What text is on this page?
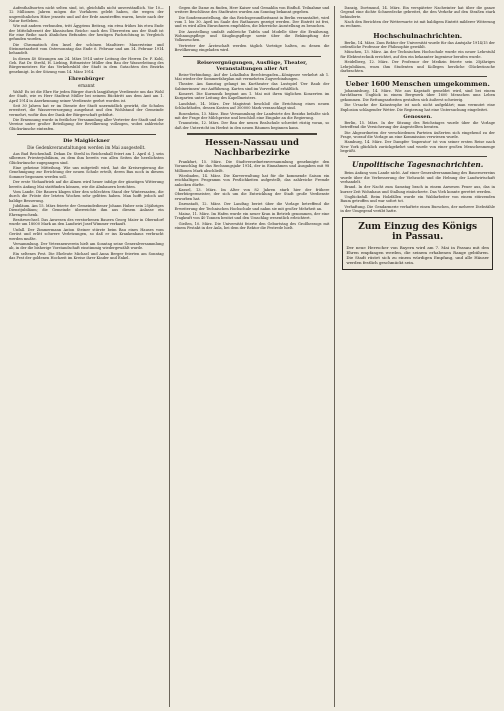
Aufenthaltsorten nicht selten sind, ist, gleichfalls nicht unverständlich. Vor 10—12 Millionen Jahren mögen die Vorfahren gelebt haben, die wegen der ungewöhnlichen Hitze jenseits und auf der Erde anzutreffen waren, heute nach der Natur fortleben.

Wie mit andern verbunden, tritt Ägyptens Beitrag, ein etwa frühes bis etwa Ende der Mittelalterzeit der klassischen Reiche: nach den Überresten aus der Stadt ist für eine Reihe nach ähnlichen Befunden der heutigen Fachrichtung in Vergleich gefunden worden.

Die Chromatisch den Insel der schönen Maultiere: Mauersteine und Steinmetzarbeit vom Ostersonntag das Ende 6. Februar und am 14. Februar 1914 behandelt.

In diesen 40 Sitzungen am 24. März 1914 unter Leitung der Herren Dr. F. Kohl, Geh. Rat Dr. Strehl, H. Liebing, Rittmeister Müller den Bau der Wasserleitung des Bürgermeisters für das Verkehrsbild der Stadt in dem Gutachten des Bezirks genehmigt. In der Sitzung vom 14. März 1914.

Ehrenbürger
ernannt

Wahl! Es ist die Ehre für jeden Bürger durch langjährige Verdienste um das Wohl der Stadt, wie es Herr Stadtrat Müller bei seinem Rücktritt aus dem Amt am 1. April 1914 in Anerkennung seiner Verdienste geehrt worden ist.

Seit 30 Jahren hat er im Dienste der Stadt unermüdlich gewirkt, die Schulen erweitert, die Wasserversorgung ausgebaut und den Wohlstand der Gemeinde vermehrt, wofür ihm der Dank der Bürgerschaft gebührt.

Die Ernennung wurde in festlicher Versammlung aller Vertreter der Stadt und der Vereine unter großer Beteiligung der Bevölkerung vollzogen, wobei zahlreiche Glückwünsche eintrafen.

Die Maiglöckner
Die Gedenkveranstaltungen werden im Mai ausgestellt.

Aus Bad Reichenhall. Dekan Dr. Strehl in Reichenhall feiert am 1. April d. J. sein silbernes Priesterjubiläum, zu dem ihm bereits von allen Seiten die herzlichsten Glückwünsche zugegangen sind.

Eine geheime Mitteilung. Wie uns mitgeteilt wird, hat die Kreisregierung die Genehmigung zur Errichtung der neuen Schule erteilt, deren Bau noch in diesem Sommer begonnen werden soll.

Der erste Viehauftrieb auf die Almen wird heuer infolge der günstigen Witterung bereits Anfang Mai stattfinden können, wie die Almbauern berichten.

Vom Lande. Die Bauern klagen über den schlechten Stand der Wintersaaten, die durch die Fröste der letzten Wochen sehr gelitten haben. Man hofft jedoch auf baldige Besserung.

Jubiläum. Am 15. März feierte der Gemeindediener Johann Huber sein 25jähriges Dienstjubiläum; die Gemeinde überreichte ihm aus diesem Anlasse ein Ehrengeschenk.

Besitzwechsel. Das Anwesen des verstorbenen Bauern Georg Maier in Oberndorf wurde um 18000 Mark an den Landwirt Josef Wimmer verkauft.

Unfall. Der Zimmermann Anton Steiner stürzte beim Bau eines Hauses vom Gerüst und erlitt schwere Verletzungen, so daß er ins Krankenhaus verbracht werden mußte.

Versammlung. Der Veteranenverein hielt am Sonntag seine Generalversammlung ab, in der die bisherige Vorstandschaft einstimmig wiedergewählt wurde.

Ein seltenes Fest. Die Eheleute Michael und Anna Berger feierten am Sonntag das Fest der goldenen Hochzeit im Kreise ihrer Kinder und Enkel.

Gegen die Dame zu finden, Herr Kaiser und Gemahlin von Einfluß. Teilnahme und weitere Beschlüsse des Stadtrates wurden am Sonntag bekannt gegeben.

Die Sonderausstellung, die das Reichsgesundheitsamt in Berlin veranstaltet, wird vom 1. bis 30. April im Saale des Rathauses gezeigt werden. Der Eintritt ist frei, und es wird allen Einwohnern empfohlen, die lehrreiche Ausstellung zu besuchen.

Die Ausstellung umfaßt zahlreiche Tafeln und Modelle über die Ernährung, Wohnungspflege und Säuglingspflege sowie über die Bekämpfung der Volksseuchen.

Vertreter der Ärzteschaft werden täglich Vorträge halten, zu denen die Bevölkerung eingeladen wird.

Reisevergnügungen, Ausflüge, Theater, Veranstaltungen aller Art

Reise-Verbindung. Auf der Lokalbahn Berchtesgaden—Königssee verkehrt ab 1. Mai wieder der Sommerfahrplan mit vermehrten Zugverbindungen.

Theater. Am Samstag gelangt im Kurtheater das Lustspiel 'Der Raub der Sabinerinnen' zur Aufführung. Karten sind im Vorverkauf erhältlich.

Konzert. Die Kurmusik beginnt am 1. Mai mit ihren täglichen Konzerten im Kurgarten unter Leitung des Kapellmeisters.

Landshut, 14. März. Der Magistrat beschloß die Errichtung eines neuen Schlachthofes, dessen Kosten auf 300000 Mark veranschlagt sind.

Rosenheim, 13. März. Eine Versammlung der Landwirte des Bezirks befaßte sich mit der Frage der Milchpreise und beschloß eine Eingabe an die Regierung.

Traunstein, 12. März. Der Bau der neuen Realschule schreitet rüstig voran, so daß der Unterricht im Herbst in den neuen Räumen beginnen kann.

Hessen-Nassau und Nachbarbezirke

Frankfurt, 15. März. Die Stadtverordnetenversammlung genehmigte den Voranschlag für das Rechnungsjahr 1914, der in Einnahmen und Ausgaben mit 98 Millionen Mark abschließt.

Wiesbaden, 14. März. Die Kurverwaltung hat für die kommende Saison ein reichhaltiges Programm von Festlichkeiten aufgestellt, das zahlreiche Fremde anlocken dürfte.

Kassel, 13. März. Im Alter von 82 Jahren starb hier der frühere Oberbürgermeister, der sich um die Entwicklung der Stadt große Verdienste erworben hat.

Darmstadt, 12. März. Der Landtag beriet über die Vorlage betreffend die Erweiterung der Technischen Hochschule und nahm sie mit großer Mehrheit an.

Mainz, 11. März. Im Hafen wurde ein neuer Kran in Betrieb genommen, der eine Tragkraft von 40 Tonnen besitzt und den Umschlag wesentlich erleichtert.

Gießen, 10. März. Die Universität feierte den Geburtstag des Großherzogs mit einem Festakt in der Aula, bei dem der Rektor die Festrede hielt.

Danzig, Dortmund, 14. März. Ein verspäteter Nachwinter hat über die ganze Gegend eine dichte Schneedecke gebreitet, die den Verkehr auf den Straßen stark behinderte.

Nach den Berichten der Wetterwarte ist mit baldigem Eintritt milderer Witterung zu rechnen.

Hochschulnachrichten.

Berlin, 14. März. Zum Rektor der Universität wurde für das Amtsjahr 1914/15 der ordentliche Professor der Philosophie gewählt.

München, 13. März. An der Technischen Hochschule wurde ein neuer Lehrstuhl für Elektrotechnik errichtet, auf den ein bekannter Ingenieur berufen wurde.

Heidelberg, 12. März. Der Professor der Medizin feierte sein 25jähriges Lehrjubiläum, wozu ihm Studenten und Kollegen herzliche Glückwünsche darbrachten.

Ueber 1600 Menschen umgekommen.

Johannisburg, 14. März. Wie aus Kapstadt gemeldet wird, sind bei einem furchtbaren Unglück in einem Bergwerk über 1600 Menschen ums Leben gekommen. Die Rettungsarbeiten gestalten sich äußerst schwierig.

Die Ursache der Katastrophe ist noch nicht aufgeklärt; man vermutet eine Explosion schlagender Wetter. Die Regierung hat eine Untersuchung eingeleitet.

Genossen.

Berlin, 15. März. In der Sitzung des Reichstages wurde über die Vorlage betreffend die Versicherung der Angestellten beraten.

Die Abgeordneten der verschiedenen Parteien äußerten sich eingehend zu der Frage, worauf die Vorlage an eine Kommission verwiesen wurde.

Hamburg, 14. März. Der Dampfer 'Imperator' ist von seiner ersten Reise nach New York glücklich zurückgekehrt und wurde von einer großen Menschenmenge begrüßt.

Unpolitische Tagesnachrichten.

Beim Anfang vom Lande nicht. Auf einer Generalversammlung des Bauernvereins wurde über die Verbesserung der Viehzucht und die Hebung der Landwirtschaft verhandelt.

Brand. In der Nacht zum Samstag brach in einem Anwesen Feuer aus, das in kurzer Zeit Wohnhaus und Stallung einäscherte. Das Vieh konnte gerettet werden.

Unglücksfall. Beim Holzfällen wurde ein Waldarbeiter von einem stürzenden Baum getroffen und war sofort tot.

Verhaftung. Die Gendarmerie verhaftete einen Burschen, der mehrere Diebstähle in der Umgegend verübt hatte.

Zum Einzug des Königs
in Passau.
Der neue Herrscher von Bayern wird am 7. Mai in Passau mit den Ehren empfangen werden, die seinem erhabenen Range gebühren. Die Stadt rüstet sich zu einem würdigen Empfang, und alle Häuser werden festlich geschmückt sein.
